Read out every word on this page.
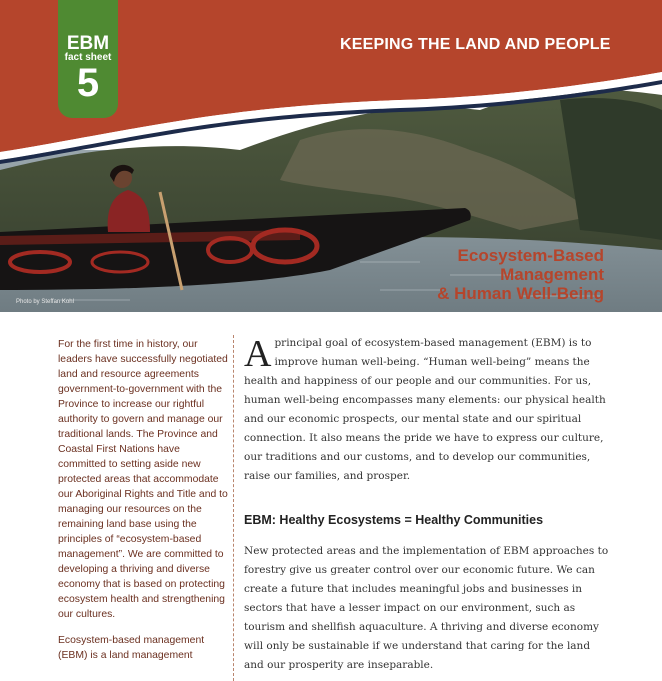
EBM
fact sheet
5
KEEPING THE LAND AND PEOPLE
Ecosystem-Based
Management
& Human Well-Being
Photo by Steffan Kohl

For the first time in history, our leaders have successfully negotiated land and resource agreements government-to-government with the Province to increase our rightful authority to govern and manage our traditional lands. The Province and Coastal First Nations have committed to setting aside new protected areas that accommodate our Aboriginal Rights and Title and to managing our resources on the remaining land base using the principles of “ecosystem-based management”. We are committed to developing a thriving and diverse economy that is based on protecting ecosystem health and strengthening our cultures.

Ecosystem-based management (EBM) is a land management

A principal goal of ecosystem-based management (EBM) is to improve human well-being. “Human well-being” means the health and happiness of our people and our communities. For us, human well-being encompasses many elements: our physical health and our economic prospects, our mental state and our spiritual connection. It also means the pride we have to express our culture, our traditions and our customs, and to develop our communities, raise our families, and prosper.

EBM: Healthy Ecosystems = Healthy Communities

New protected areas and the implementation of EBM approaches to forestry give us greater control over our economic future. We can create a future that includes meaningful jobs and businesses in sectors that have a lesser impact on our environment, such as tourism and shellfish aquaculture. A thriving and diverse economy will only be sustainable if we understand that caring for the land and our prosperity are inseparable.
